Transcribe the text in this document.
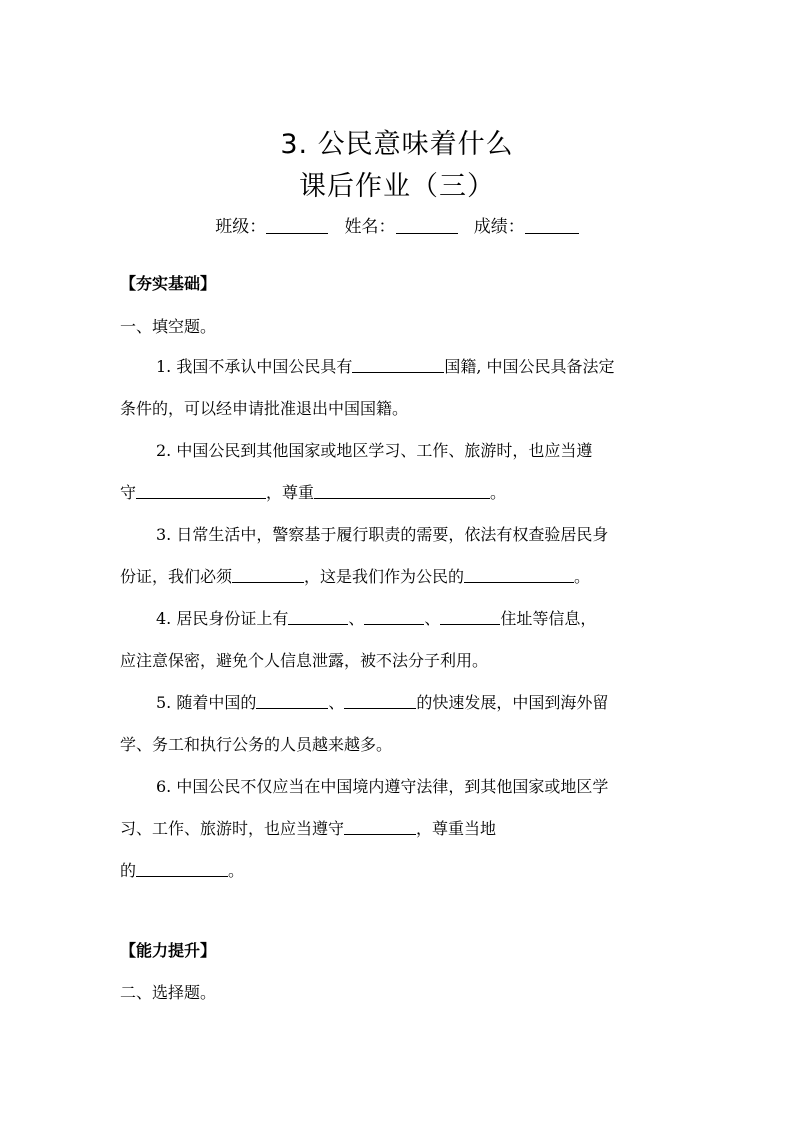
3. 公民意味着什么
课后作业（三）
班级：	姓名：	成绩：
【夯实基础】
一、填空题。
1. 我国不承认中国公民具有	国籍, 中国公民具备法定
条件的，可以经申请批准退出中国国籍。
2. 中国公民到其他国家或地区学习、工作、旅游时，也应当遵
守	，尊重	。
3. 日常生活中，警察基于履行职责的需要，依法有权查验居民身
份证，我们必须	，这是我们作为公民的	。
4. 居民身份证上有	、	、	住址等信息，
应注意保密，避免个人信息泄露，被不法分子利用。
5. 随着中国的	、	的快速发展，中国到海外留
学、务工和执行公务的人员越来越多。
6. 中国公民不仅应当在中国境内遵守法律，到其他国家或地区学
习、工作、旅游时，也应当遵守	，尊重当地
的	。
【能力提升】
二、选择题。
